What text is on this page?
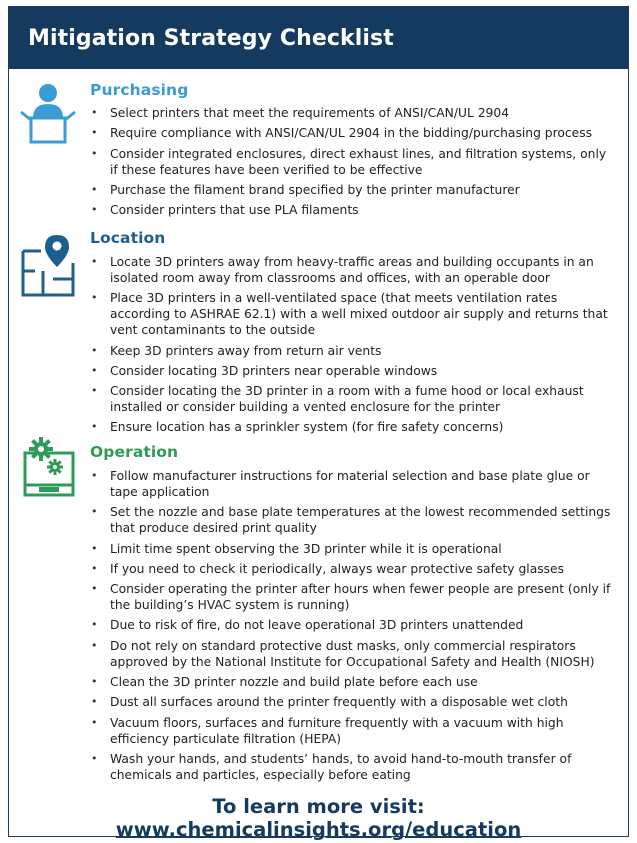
Mitigation Strategy Checklist
Purchasing
• Select printers that meet the requirements of ANSI/CAN/UL 2904
• Require compliance with ANSI/CAN/UL 2904 in the bidding/purchasing process
• Consider integrated enclosures, direct exhaust lines, and filtration systems, only if these features have been verified to be effective
• Purchase the filament brand specified by the printer manufacturer
• Consider printers that use PLA filaments
Location
• Locate 3D printers away from heavy-traffic areas and building occupants in an isolated room away from classrooms and offices, with an operable door
• Place 3D printers in a well-ventilated space (that meets ventilation rates according to ASHRAE 62.1) with a well mixed outdoor air supply and returns that vent contaminants to the outside
• Keep 3D printers away from return air vents
• Consider locating 3D printers near operable windows
• Consider locating the 3D printer in a room with a fume hood or local exhaust installed or consider building a vented enclosure for the printer
• Ensure location has a sprinkler system (for fire safety concerns)
Operation
• Follow manufacturer instructions for material selection and base plate glue or tape application
• Set the nozzle and base plate temperatures at the lowest recommended settings that produce desired print quality
• Limit time spent observing the 3D printer while it is operational
• If you need to check it periodically, always wear protective safety glasses
• Consider operating the printer after hours when fewer people are present (only if the building’s HVAC system is running)
• Due to risk of fire, do not leave operational 3D printers unattended
• Do not rely on standard protective dust masks, only commercial respirators approved by the National Institute for Occupational Safety and Health (NIOSH)
• Clean the 3D printer nozzle and build plate before each use
• Dust all surfaces around the printer frequently with a disposable wet cloth
• Vacuum floors, surfaces and furniture frequently with a vacuum with high efficiency particulate filtration (HEPA)
• Wash your hands, and students’ hands, to avoid hand-to-mouth transfer of chemicals and particles, especially before eating
To learn more visit: www.chemicalinsights.org/education
